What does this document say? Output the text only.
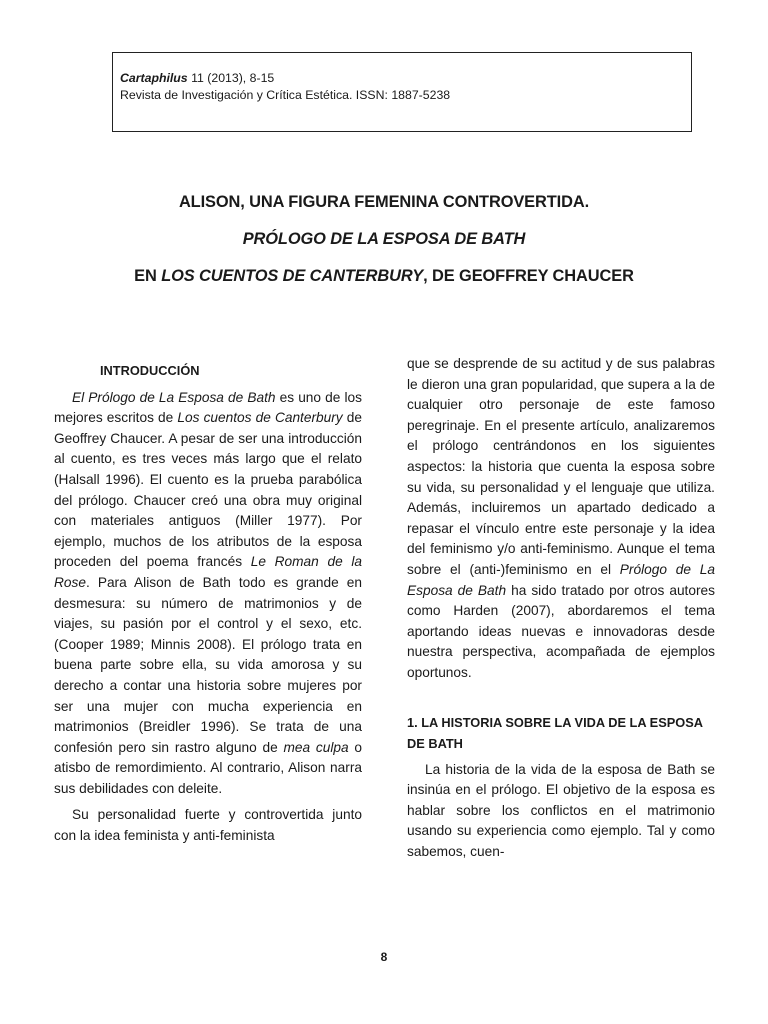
Cartaphilus 11 (2013), 8-15
Revista de Investigación y Crítica Estética. ISSN: 1887-5238
ALISON, UNA FIGURA FEMENINA CONTROVERTIDA.
PRÓLOGO DE LA ESPOSA DE BATH
EN LOS CUENTOS DE CANTERBURY, DE GEOFFREY CHAUCER

INTRODUCCIÓN

El Prólogo de La Esposa de Bath es uno de los mejores escritos de Los cuentos de Canterbury de Geoffrey Chaucer. A pesar de ser una introducción al cuento, es tres veces más largo que el relato (Halsall 1996). El cuento es la prueba parabólica del prólogo. Chaucer creó una obra muy original con materiales antiguos (Miller 1977). Por ejemplo, muchos de los atributos de la esposa proceden del poema francés Le Roman de la Rose. Para Alison de Bath todo es grande en desmesura: su número de matrimonios y de viajes, su pasión por el control y el sexo, etc. (Cooper 1989; Minnis 2008). El prólogo trata en buena parte sobre ella, su vida amorosa y su derecho a contar una historia sobre mujeres por ser una mujer con mucha experiencia en matrimonios (Breidler 1996). Se trata de una confesión pero sin rastro alguno de mea culpa o atisbo de remordimiento. Al contrario, Alison narra sus debilidades con deleite.

Su personalidad fuerte y controvertida junto con la idea feminista y anti-feminista

que se desprende de su actitud y de sus palabras le dieron una gran popularidad, que supera a la de cualquier otro personaje de este famoso peregrinaje. En el presente artículo, analizaremos el prólogo centrándonos en los siguientes aspectos: la historia que cuenta la esposa sobre su vida, su personalidad y el lenguaje que utiliza. Además, incluiremos un apartado dedicado a repasar el vínculo entre este personaje y la idea del feminismo y/o anti-feminismo. Aunque el tema sobre el (anti-)feminismo en el Prólogo de La Esposa de Bath ha sido tratado por otros autores como Harden (2007), abordaremos el tema aportando ideas nuevas e innovadoras desde nuestra perspectiva, acompañada de ejemplos oportunos.

1. LA HISTORIA SOBRE LA VIDA DE LA ESPOSA DE BATH

La historia de la vida de la esposa de Bath se insinúa en el prólogo. El objetivo de la esposa es hablar sobre los conflictos en el matrimonio usando su experiencia como ejemplo. Tal y como sabemos, cuen-

8
